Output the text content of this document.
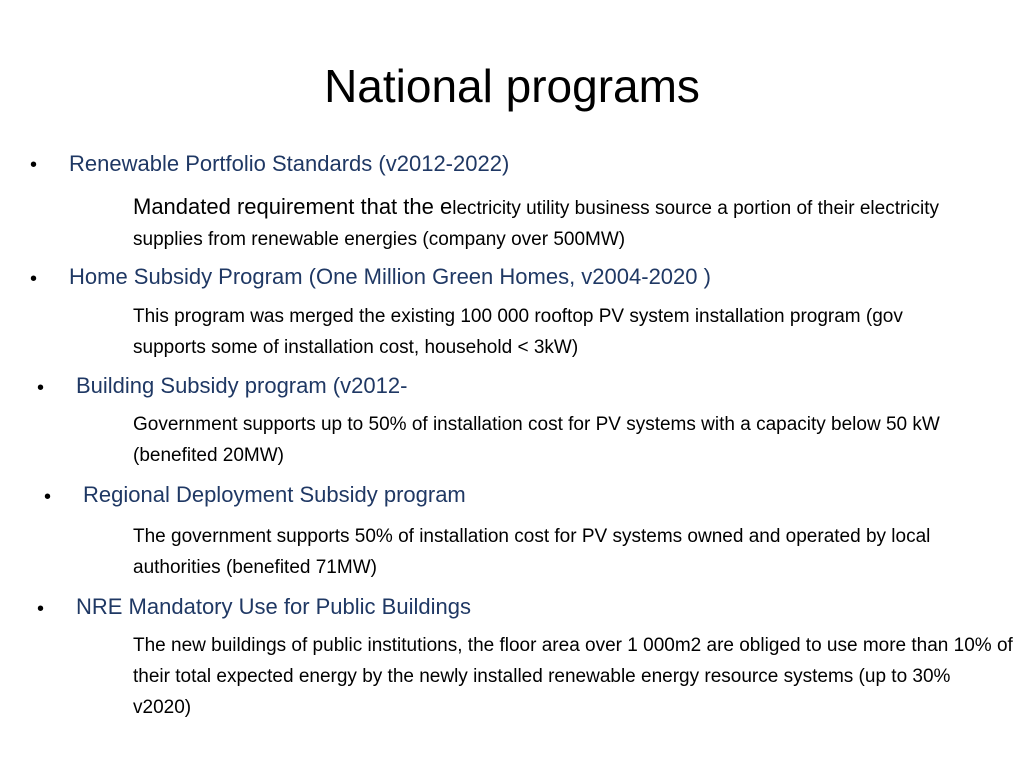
National programs
• Renewable Portfolio Standards (v2012-2022)
Mandated requirement that the electricity utility business source a portion of their electricity supplies from renewable energies (company over 500MW)
• Home Subsidy Program (One Million Green Homes, v2004-2020 )
This program was merged the existing 100 000 rooftop PV system installation program (gov supports some of installation cost, household < 3kW)
• Building Subsidy program (v2012-
Government supports up to 50% of installation cost for PV systems with a capacity below 50 kW (benefited 20MW)
• Regional Deployment Subsidy program
The government supports 50% of installation cost for PV systems owned and operated by local authorities (benefited 71MW)
• NRE Mandatory Use for Public Buildings
The new buildings of public institutions, the floor area over 1 000m2 are obliged to use more than 10% of their total expected energy by the newly installed renewable energy resource systems (up to 30% v2020)
